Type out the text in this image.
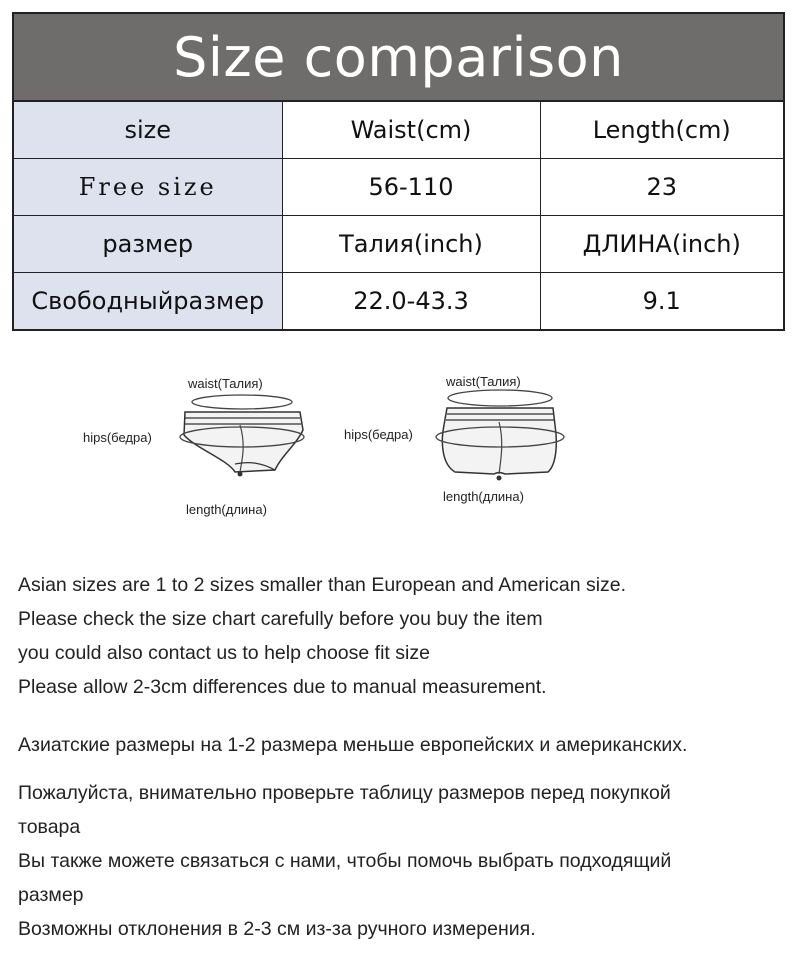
Size comparison
size	Waist(cm)	Length(cm)
Free size	56-110	23
размер	Талия(inch)	ДЛИНА(inch)
Свободныйразмер	22.0-43.3	9.1
waist(Талия)
hips(бедра)
length(длина)
waist(Талия)
hips(бедра)
length(длина)

Asian sizes are 1 to 2 sizes smaller than European and American size.

Please check the size chart carefully before you buy the item

you could also contact us to help choose fit size

Please allow 2-3cm differences due to manual measurement.

Азиатские размеры на 1-2 размера меньше европейских и американских.

Пожалуйста, внимательно проверьте таблицу размеров перед покупкой

товара

Вы также можете связаться с нами, чтобы помочь выбрать подходящий

размер

Возможны отклонения в 2-3 см из-за ручного измерения.
